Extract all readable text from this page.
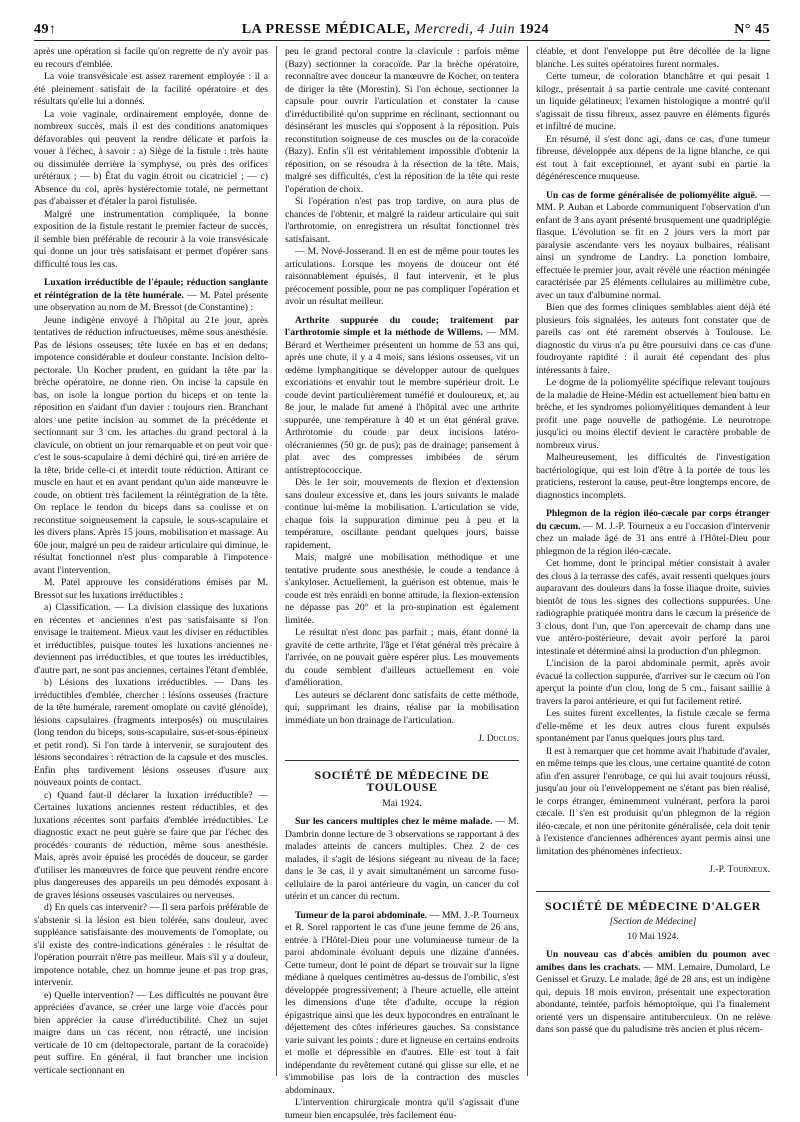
49↑	LA PRESSE MÉDICALE, Mercredi, 4 Juin 1924	N° 45

après une opération si facile qu'on regrette de n'y avoir pas eu recours d'emblée.

La voie transvésicale est assez rarement employée : il a été pleinement satisfait de la facilité opératoire et des résultats qu'elle lui a donnés.

La voie vaginale, ordinairement employée, donne de nombreux succès, mais il est des conditions anatomiques défavorables qui peuvent la rendre délicate et parfois la vouer à l'échec, à savoir : a) Siège de la fistule : très haute ou dissimulée derrière la symphyse, ou près des orifices urétéraux ; — b) État du vagin étroit ou cicatriciel ; — c) Absence du col, après hystérectomie totale, ne permettant pas d'abaisser et d'étaler la paroi fistulisée.

Malgré une instrumentation compliquée, la bonne exposition de la fistule restant le premier facteur de succès, il semble bien préférable de recourir à la voie transvésicale qui donne un jour très satisfaisant et permet d'opérer sans difficulté tous les cas.

Luxation irréductible de l'épaule; réduction sanglante et réintégration de la tête humérale. — M. Patel présente une observation au nom de M. Bressot (de Constantine) :

Jeune indigène envoyé à l'hôpital au 21e jour, après tentatives de réduction infructueuses, même sous anesthésie. Pas de lésions osseuses; tête luxée en bas et en dedans; impotence considérable et douleur constante. Incision delto-pectorale. Un Kocher prudent, en guidant la tête par la brèche opératoire, ne donne rien. On incise la capsule en bas, on isole la longue portion du biceps et on tente la réposition en s'aidant d'un davier : toujours rien. Branchant alors une petite incision au sommet de la précédente et sectionnant sur 3 cm. les attaches du grand pectoral à la clavicule, on obtient un jour remarquable et on peut voir que c'est le sous-scapulaire à demi déchiré qui, tiré en arrière de la tête, bride celle-ci et interdit toute réduction. Attirant ce muscle en haut et en avant pendant qu'un aide manœuvre le coude, on obtient très facilement la réintégration de la tête. On replace le tendon du biceps dans sa coulisse et on reconstitue soigneusement la capsule, le sous-scapulaire et les divers plans. Après 15 jours, mobilisation et massage. Au 60e jour, malgré un peu de raideur articulaire qui diminue, le résultat fonctionnel n'est plus comparable à l'impotence avant l'intervention.

M. Patel approuve les considérations émises par M. Bressot sur les luxations irréductibles :

a) Classification. — La division classique des luxations en récentes et anciennes n'est pas satisfaisante si l'on envisage le traitement. Mieux vaut les diviser en réductibles et irréductibles, puisque toutes les luxations anciennes ne deviennent pas irréductibles, et que toutes les irréductibles, d'autre part, ne sont pas anciennes, certaines l'étant d'emblée.

b) Lésions des luxations irréductibles. — Dans les irréductibles d'emblée, chercher : lésions osseuses (fracture de la tête humérale, rarement omoplate ou cavité glénoïde), lésions capsulaires (fragments interposés) ou musculaires (long tendon du biceps, sous-scapulaire, sus-et-sous-épineux et petit rond). Si l'on tarde à intervenir, se surajoutent des lésions secondaires : rétraction de la capsule et des muscles. Enfin plus tardivement lésions osseuses d'usure aux nouveaux points de contact.

c) Quand faut-il déclarer la luxation irréductible? — Certaines luxations anciennes restent réductibles, et des luxations récentes sont parfaits d'emblée irréductibles. Le diagnostic exact ne peut guère se faire que par l'échec des procédés courants de réduction, même sous anesthésie. Mais, après avoir épuisé les procédés de douceur, se garder d'utiliser les manœuvres de force que peuvent rendre encore plus dangereuses des appareils un peu démodés exposant à de graves lésions osseuses vasculaires ou nerveuses.

d) En quels cas intervenir? — Il sera parfois préférable de s'abstenir si la lésion est bien tolérée, sans douleur, avec suppléance satisfaisante des mouvements de l'omoplate, ou s'il existe des contre-indications générales : le résultat de l'opération pourrait n'être pas meilleur. Mais s'il y a douleur, impotence notable, chez un homme jeune et pas trop gras, intervenir.

e) Quelle intervention? — Les difficultés ne pouvant être appréciées d'avance, se créer une large voie d'accès pour bien apprécier la cause d'irréductibilité. Chez un sujet maigre dans un cas récent, non rétracté, une incision verticale de 10 cm (deltopectorale, partant de la coracoïde) peut suffire. En général, il faut brancher une incision verticale sectionnant en

peu le grand pectoral contre la clavicule : parfois même (Bazy) sectionner la coracoïde. Par la brèche opératoire, reconnaître avec douceur la manœuvre de Kocher, on tentera de diriger la tête (Morestin). Si l'on échoue, sectionner la capsule pour ouvrir l'articulation et constater la cause d'irréductibilité qu'on supprime en réclinant, sectionnant ou désinsérant les muscles qui s'opposent à la réposition. Puis reconstitution soigneuse de ces muscles ou de la coracoïde (Bazy). Enfin s'il est véritablement impossible d'obtenir la réposition, on se résoudra à la résection de la tête. Mais, malgré ses difficultés, c'est la réposition de la tête qui reste l'opération de choix.

Si l'opération n'est pas trop tardive, on aura plus de chances de l'obtenir, et malgré la raideur articulaire qui suit l'arthrotomie, on enregistrera un résultat fonctionnel très satisfaisant.

— M. Nové-Josserand. Il en est de même pour toutes les articulations. Lorsque les moyens de douceur ont été raisonnablement épuisés, il faut intervenir, et le plus précocement possible, pour ne pas compliquer l'opération et avoir un résultat meilleur.

Arthrite suppurée du coude; traitement par l'arthrotomie simple et la méthode de Willems. — MM. Bérard et Wertheimer présentent un homme de 53 ans qui, après une chute, il y a 4 mois, sans lésions osseuses, vit un œdème lymphangitique se développer autour de quelques excoriations et envahir tout le membre supérieur droit. Le coude devint particulièrement tuméfié et douloureux, et, au 8e jour, le malade fut amené à l'hôpital avec une arthrite suppurée, une température à 40 et un état général grave. Arthrotomie du coude par deux incisions latéro-olécraniennes (50 gr. de pus); pas de drainage; pansement à plat avec des compresses imbibées de sérum antistreptococcique.

Dès le 1er soir, mouvements de flexion et d'extension sans douleur excessive et, dans les jours suivants le malade continue lui-même la mobilisation. L'articulation se vide, chaque fois la suppuration diminue peu à peu et la température, oscillante pendant quelques jours, baisse rapidement.

Mais, malgré une mobilisation méthodique et une tentative prudente sous anesthésie, le coude a tendance à s'ankyloser. Actuellement, la guérison est obtenue, mais le coude est très enraidi en bonne attitude, la flexion-extension ne dépasse pas 20° et la pro-supination est également limitée.

Le résultat n'est donc pas parfait ; mais, étant donné la gravité de cette arthrite, l'âge et l'état général très précaire à l'arrivée, on ne pouvait guère espérer plus. Les mouvements du coude semblent d'ailleurs actuellement en voie d'amélioration.

Les auteurs se déclarent donc satisfaits de cette méthode, qui, supprimant les drains, réalise par la mobilisation immédiate un bon drainage de l'articulation.

J. Duclos.
SOCIÉTÉ DE MÉDECINE DE TOULOUSE
Mai 1924.

Sur les cancers multiples chez le même malade. — M. Dambrin donne lecture de 3 observations se rapportant à des malades atteints de cancers multiples. Chez 2 de ces malades, il s'agit de lésions siégeant au niveau de la face; dans le 3e cas, il y avait simultanément un sarcome fuso-cellulaire de la paroi antérieure du vagin, un cancer du col utérin et un cancer du rectum.

Tumeur de la paroi abdominale. — MM. J.-P. Tourneux et R. Sorel rapportent le cas d'une jeune femme de 26 ans, entrée à l'Hôtel-Dieu pour une volumineuse tumeur de la paroi abdominale évoluant depuis une dizaine d'années. Cette tumeur, dont le point de départ se trouvait sur la ligne médiane à quelques centimètres au-dessus de l'ombilic, s'est développée progressivement; à l'heure actuelle, elle atteint les dimensions d'une tête d'adulte, occupe la région épigastrique ainsi que les deux hypocondres en entraînant le déjettement des côtes inférieures gauches. Sa consistance varie suivant les points : dure et ligneuse en certains endroits et molle et dépressible en d'autres. Elle est tout à fait indépendante du revêtement cutané qui glisse sur elle, et ne s'immobilise pas lors de la contraction des muscles abdominaux.

L'intervention chirurgicale montra qu'il s'agissait d'une tumeur bien encapsulée, très facilement énu-

cléable, et dont l'enveloppe put être décollée de la ligne blanche. Les suites opératoires furent normales.

Cette tumeur, de coloration blanchâtre et qui pesait 1 kilogr., présentait à sa partie centrale une cavité contenant un liquide gélatineux; l'examen histologique a montré qu'il s'agissait de tissu fibreux, assez pauvre en éléments figurés et infiltré de mucine.

En résumé, il s'est donc agi, dans ce cas, d'une tumeur fibreuse, développée aux dépens de la ligne blanche, ce qui est tout à fait exceptionnel, et ayant subi en partie la dégénérescence muqueuse.

Un cas de forme généralisée de poliomyélite aiguë. — MM. P. Auban et Laborde communiquent l'observation d'un enfant de 3 ans ayant présenté brusquement une quadriplégie flasque. L'évolution se fit en 2 jours vers la mort par paralysie ascendante vers les noyaux bulbaires, réalisant ainsi un syndrome de Landry. La ponction lombaire, effectuée le premier jour, avait révélé une réaction méningée caractérisée par 25 éléments cellulaires au millimètre cube, avec un taux d'albumine normal.

Bien que des formes cliniques semblables aient déjà été plusieurs fois signalées, les auteurs font constater que de pareils cas ont été rarement observés à Toulouse. Le diagnostic du virus n'a pu être poursuivi dans ce cas d'une foudroyante rapidité : il aurait été cependant des plus intéressants à faire.

Le dogme de la poliomyélite spécifique relevant toujours de la maladie de Heine-Médin est actuellement bien battu en brèche, et les syndromes poliomyélitiques demandent à leur profit une page nouvelle de pathogénie. Le neurotrope jusqu'ici ou moins électif devient le caractère probable de nombreux virus.

Malheureusement, les difficultés de l'investigation bactériologique, qui est loin d'être à la portée de tous les praticiens, resteront la cause, peut-être longtemps encore, de diagnostics incomplets.

Phlegmon de la région iléo-cæcale par corps étranger du cæcum. — M. J.-P. Tourneux a eu l'occasion d'intervenir chez un malade âgé de 31 ans entré à l'Hôtel-Dieu pour phlegmon de la région iléo-cæcale.

Cet homme, dont le principal métier consistait à avaler des clous à la terrasse des cafés, avait ressenti quelques jours auparavant des douleurs dans la fosse iliaque droite, suivies bientôt de tous les signes des collections suppurées. Une radiographie pratiquée montra dans le cæcum la présence de 3 clous, dont l'un, que l'on apercevait de champ dans une vue antéro-postérieure, devait avoir perforé la paroi intestinale et déterminé ainsi la production d'un phlegmon.

L'incision de la paroi abdominale permit, après avoir évacué la collection suppurée, d'arriver sur le cæcum où l'on aperçut la pointe d'un clou, long de 5 cm., faisant saillie à travers la paroi antérieure, et qui fut facilement retiré.

Les suites furent excellentes, la fistule cæcale se ferma d'elle-même et les deux autres clous furent expulsés spontanément par l'anus quelques jours plus tard.

Il est à remarquer que cet homme avait l'habitude d'avaler, en même temps que les clous, une certaine quantité de coton afin d'en assurer l'enrobage, ce qui lui avait toujours réussi, jusqu'au jour où l'enveloppement ne s'étant pas bien réalisé, le corps étranger, éminemment vulnérant, perfora la paroi cæcale. Il s'en est produisit qu'un phlegmon de la région iléo-cæcale, et non une péritonite généralisée, cela doit tenir à l'existence d'anciennes adhérences ayant permis ainsi une limitation des phénomènes infectieux.

J.-P. Tourneux.
SOCIÉTÉ DE MÉDECINE D'ALGER
[Section de Médecine]
10 Mai 1924.

Un nouveau cas d'abcès amibien du poumon avec amibes dans les crachats. — MM. Lemaire, Dumolard, Le Genissel et Gruzy. Le malade, âgé de 28 ans, est un indigène qui, depuis 18 mois environ, présentait une expectoration abondante, teintée, parfois hémoptoïque, qui l'a finalement orienté vers un dispensaire antituberculeux. On ne relève dans son passé que du paludisme très ancien et plus récem-
